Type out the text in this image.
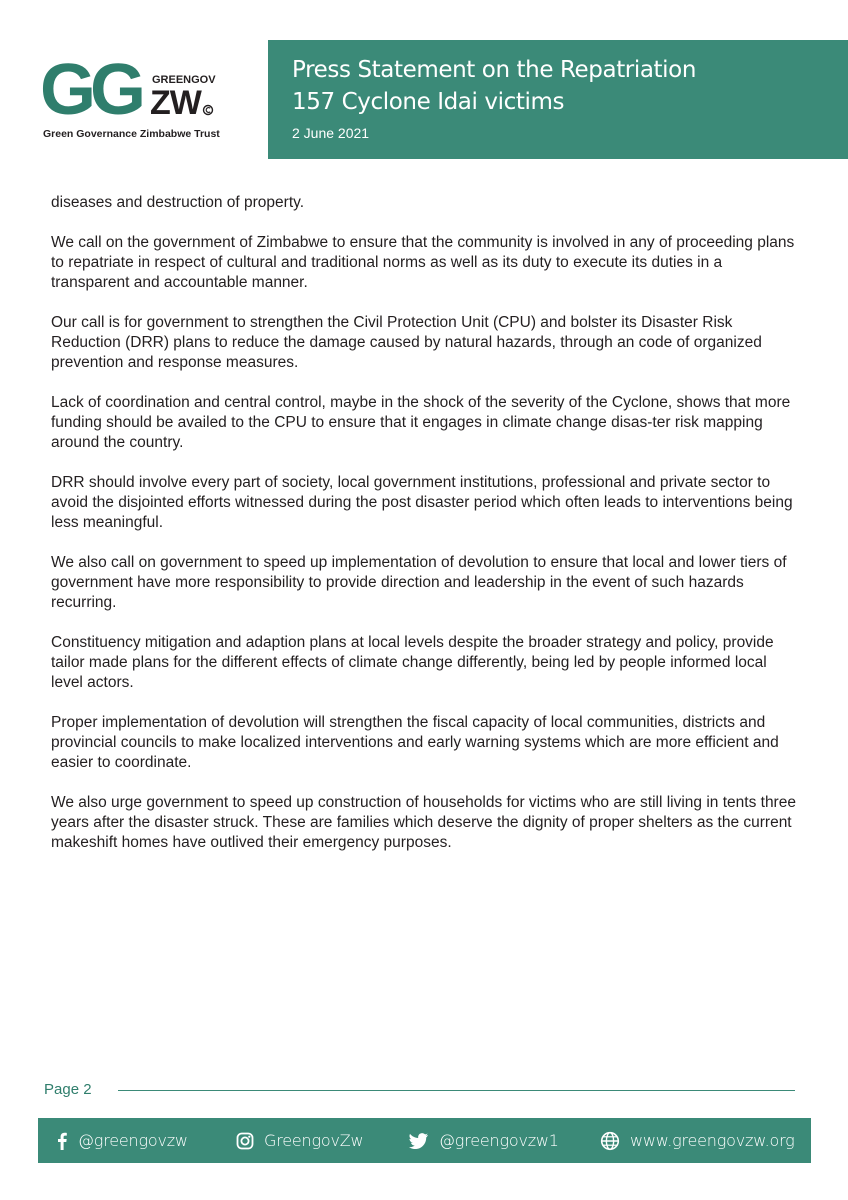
GG GREENGOV
ZW
Green Governance Zimbabwe Trust
Press Statement on the Repatriation
157 Cyclone Idai victims
2 June 2021

diseases and destruction of property.

We call on the government of Zimbabwe to ensure that the community is involved in any of proceeding plans to repatriate in respect of cultural and traditional norms as well as its duty to execute its duties in a transparent and accountable manner.

Our call is for government to strengthen the Civil Protection Unit (CPU) and bolster its Disaster Risk Reduction (DRR) plans to reduce the damage caused by natural hazards, through an code of organized prevention and response measures.

Lack of coordination and central control, maybe in the shock of the severity of the Cyclone, shows that more funding should be availed to the CPU to ensure that it engages in climate change disas-ter risk mapping around the country.

DRR should involve every part of society, local government institutions, professional and private sector to avoid the disjointed efforts witnessed during the post disaster period which often leads to interventions being less meaningful.

We also call on government to speed up implementation of devolution to ensure that local and lower tiers of government have more responsibility to provide direction and leadership in the event of such hazards recurring.

Constituency mitigation and adaption plans at local levels despite the broader strategy and policy, provide tailor made plans for the different effects of climate change differently, being led by people informed local level actors.

Proper implementation of devolution will strengthen the fiscal capacity of local communities, districts and provincial councils to make localized interventions and early warning systems which are more efficient and easier to coordinate.

We also urge government to speed up construction of households for victims who are still living in tents three years after the disaster struck. These are families which deserve the dignity of proper shelters as the current makeshift homes have outlived their emergency purposes.

Page 2
@greengovzw	GreengovZw	@greengovzw1	www.greengovzw.org
